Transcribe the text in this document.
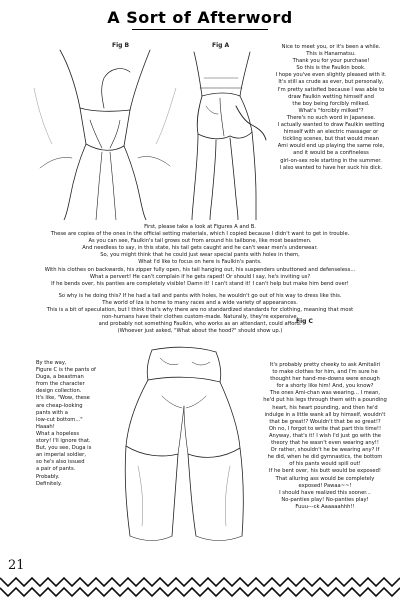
A Sort of Afterword
Fig B	Fig A
Fig C
Nice to meet you, or it's been a while.
This is Hanamatsu.
Thank you for your purchase!
So this is the Faulkin book.
I hope you've even slightly pleased with it.
It's still as crude as ever, but personally,
I'm pretty satisfied because I was able to
draw Faulkin wetting himself and
the boy being forcibly milked.
What's "forcibly milked"?
There's no such word in Japanese.
I actually wanted to draw Faulkin wetting
himself with an electric massager or
tickling scenes, but that would mean
Ami would end up playing the same role,
and it would be a confineless
girl-on-sex role starting in the summer.
I also wanted to have her suck his dick.
First, please take a look at Figures A and B.
These are copies of the ones in the official setting materials, which I copied because I didn't want to get in trouble.
As you can see, Faulkin's tail grows out from around his tailbone, like most beastmen.
And needless to say, in this state, his tail gets caught and he can't wear men's underwear.
So, you might think that he could just wear special pants with holes in them,
What I'd like to focus on here is Faulkin's pants.
With his clothes on backwards, his zipper fully open, his tail hanging out, his suspenders unbuttoned and defenseless...
What a pervert! He can't complain if he gets raped! Or should I say, he's inviting us?
If he bends over, his panties are completely visible! Damn it! I can't stand it! I can't help but make him bend over!
So why is he doing this? If he had a tail and pants with holes, he wouldn't go out of his way to dress like this.
The world of Iza is home to many races and a wide variety of appearances.
This is a bit of speculation, but I think that's why there are no standardized standards for clothing, meaning that most
non-humans have their clothes custom-made. Naturally, they're expensive,
and probably not something Faulkin, who works as an attendant, could afford.
(Whoever just asked, "What about the hood?" should show up.)
By the way,
Figure C is the pants of
Duga, a beastman
from the character
design collection.
It's like, "Wow, these
are cheap-looking
pants with a
low-cut bottom..."
Haaah!
What a hopeless
story! I'll ignore that.
But, you see, Duga is
an imperial soldier,
so he's also issued
a pair of pants.
Probably.
Definitely.
It's probably pretty cheeky to ask Amitaliri
to make clothes for him, and I'm sure he
thought her hand-me-downs were enough
for a shorty like him! And, you know?
The ones Ami-chan was wearing... I mean,
he'd put his legs through them with a pounding
heart, his heart pounding, and then he'd
indulge in a little wank all by himself, wouldn't
that be great!? Wouldn't that be so great!?
Oh no, I forgot to write that part this time!!
Anyway, that's it! I wish I'd just go with the
theory that he wasn't even wearing any!!
Or rather, shouldn't he be wearing any? If
he did, when he did gymnastics, the bottom
of his pants would spill out!
If he bent over, his butt would be exposed!
That alluring ass would be completely
exposed! Pawaa~~!
I should have realized this sooner...
No-panties play! No-panties play!
Fuuu---ck Aaaaaahhh!!
21
